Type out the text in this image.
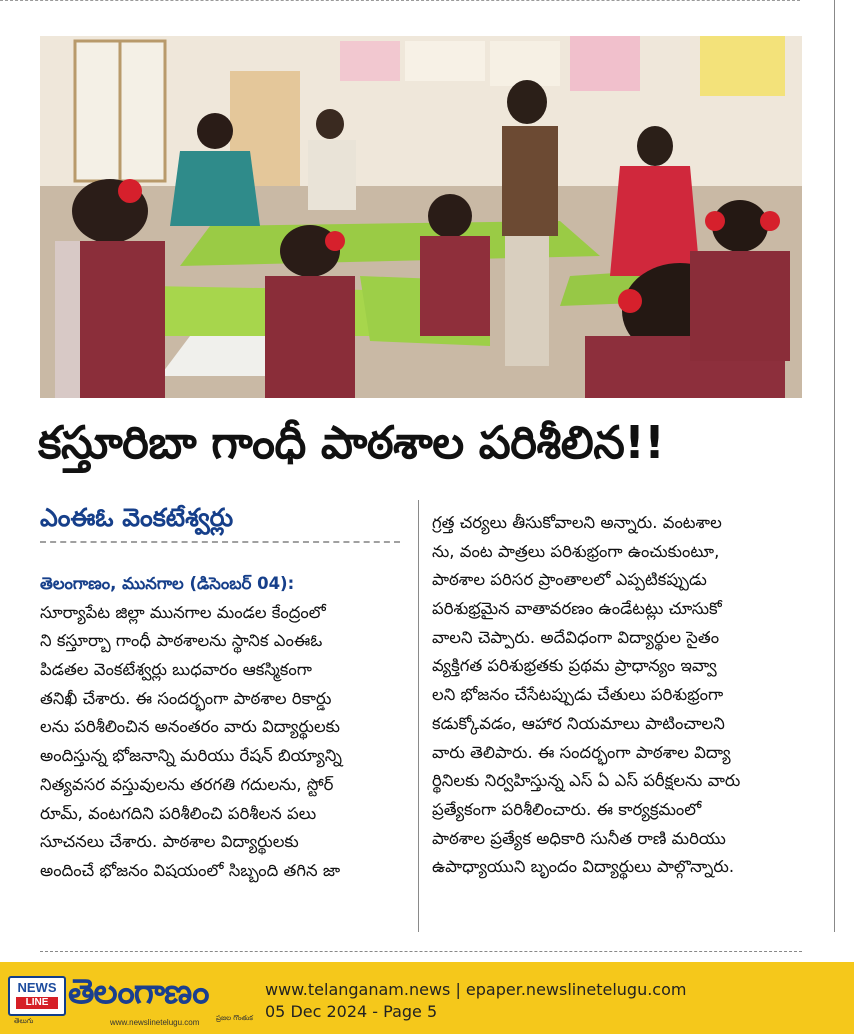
కస్తూరిబా గాంధీ పాఠశాల పరిశీలిన!!
ఎంఈఓ వెంకటేశ్వర్లు
తెలంగాణం, మునగాల (డిసెంబర్ 04):
సూర్యాపేట జిల్లా మునగాల మండల కేంద్రంలో
ని కస్తూర్బా గాంధీ పాఠశాలను స్థానిక ఎంఈఓ
పిడతల వెంకటేశ్వర్లు బుధవారం ఆకస్మికంగా
తనిఖీ చేశారు. ఈ సందర్భంగా పాఠశాల రికార్డు
లను పరిశీలించిన అనంతరం వారు విద్యార్థులకు
అందిస్తున్న భోజనాన్ని మరియు రేషన్ బియ్యాన్ని
నిత్యవసర వస్తువులను తరగతి గదులను, స్టోర్
రూమ్, వంటగదిని పరిశీలించి పరిశీలన పలు
సూచనలు చేశారు. పాఠశాల విద్యార్థులకు
అందించే భోజనం విషయంలో సిబ్బంది తగిన జా
గ్రత్త చర్యలు తీసుకోవాలని అన్నారు. వంటశాల
ను, వంట పాత్రలు పరిశుభ్రంగా ఉంచుకుంటూ,
పాఠశాల పరిసర ప్రాంతాలలో ఎప్పటికప్పుడు
పరిశుభ్రమైన వాతావరణం ఉండేటట్లు చూసుకో
వాలని చెప్పారు. అదేవిధంగా విద్యార్థుల సైతం
వ్యక్తిగత పరిశుభ్రతకు ప్రథమ ప్రాధాన్యం ఇవ్వా
లని భోజనం చేసేటప్పుడు చేతులు పరిశుభ్రంగా
కడుక్కోవడం, ఆహార నియమాలు పాటించాలని
వారు తెలిపారు. ఈ సందర్భంగా పాఠశాల విద్యా
ర్థినిలకు నిర్వహిస్తున్న ఎస్ ఏ ఎస్ పరీక్షలను వారు
ప్రత్యేకంగా పరిశీలించారు. ఈ కార్యక్రమంలో
పాఠశాల ప్రత్యేక అధికారి సునీత రాణి మరియు
ఉపాధ్యాయుని బృందం విద్యార్థులు పాల్గొన్నారు.
NEWS
LINE
తెలుగు
తెలంగాణం
www.newslinetelugu.com ప్రజల గొంతుక
www.telanganam.news | epaper.newslinetelugu.com
05 Dec 2024 - Page 5
